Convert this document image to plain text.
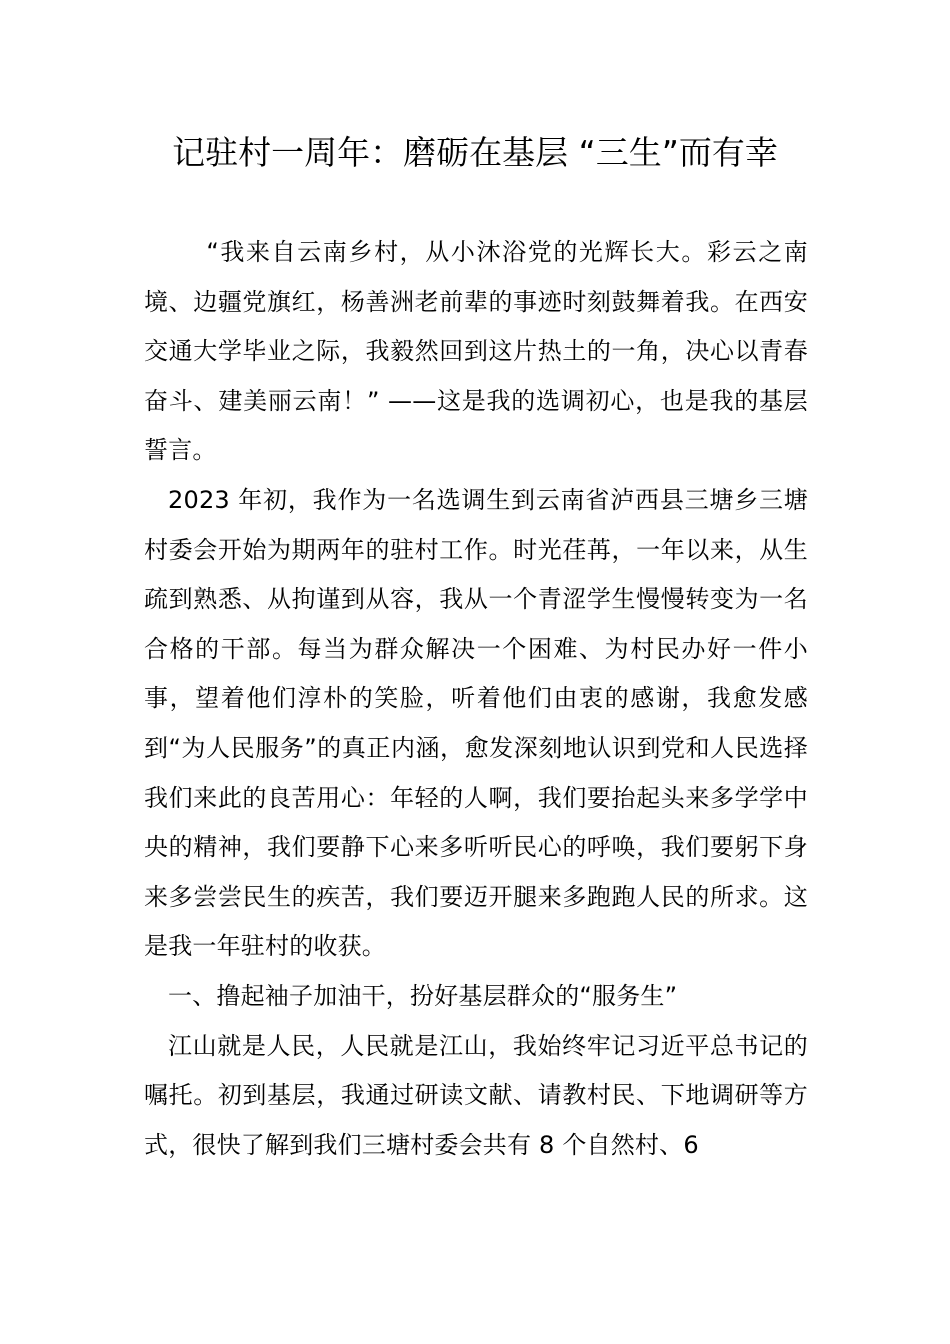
记驻村一周年：磨砺在基层 “三生”而有幸

“我来自云南乡村，从小沐浴党的光辉长大。彩云之南境、边疆党旗红，杨善洲老前辈的事迹时刻鼓舞着我。在西安交通大学毕业之际，我毅然回到这片热土的一角，决心以青春奋斗、建美丽云南！” ——这是我的选调初心，也是我的基层誓言。

2023 年初，我作为一名选调生到云南省泸西县三塘乡三塘村委会开始为期两年的驻村工作。时光荏苒，一年以来，从生疏到熟悉、从拘谨到从容，我从一个青涩学生慢慢转变为一名合格的干部。每当为群众解决一个困难、为村民办好一件小事，望着他们淳朴的笑脸，听着他们由衷的感谢，我愈发感到“为人民服务”的真正内涵，愈发深刻地认识到党和人民选择我们来此的良苦用心：年轻的人啊，我们要抬起头来多学学中央的精神，我们要静下心来多听听民心的呼唤，我们要躬下身来多尝尝民生的疾苦，我们要迈开腿来多跑跑人民的所求。这是我一年驻村的收获。

一、撸起袖子加油干，扮好基层群众的“服务生”

江山就是人民，人民就是江山，我始终牢记习近平总书记的嘱托。初到基层，我通过研读文献、请教村民、下地调研等方式，很快了解到我们三塘村委会共有 8 个自然村、6
